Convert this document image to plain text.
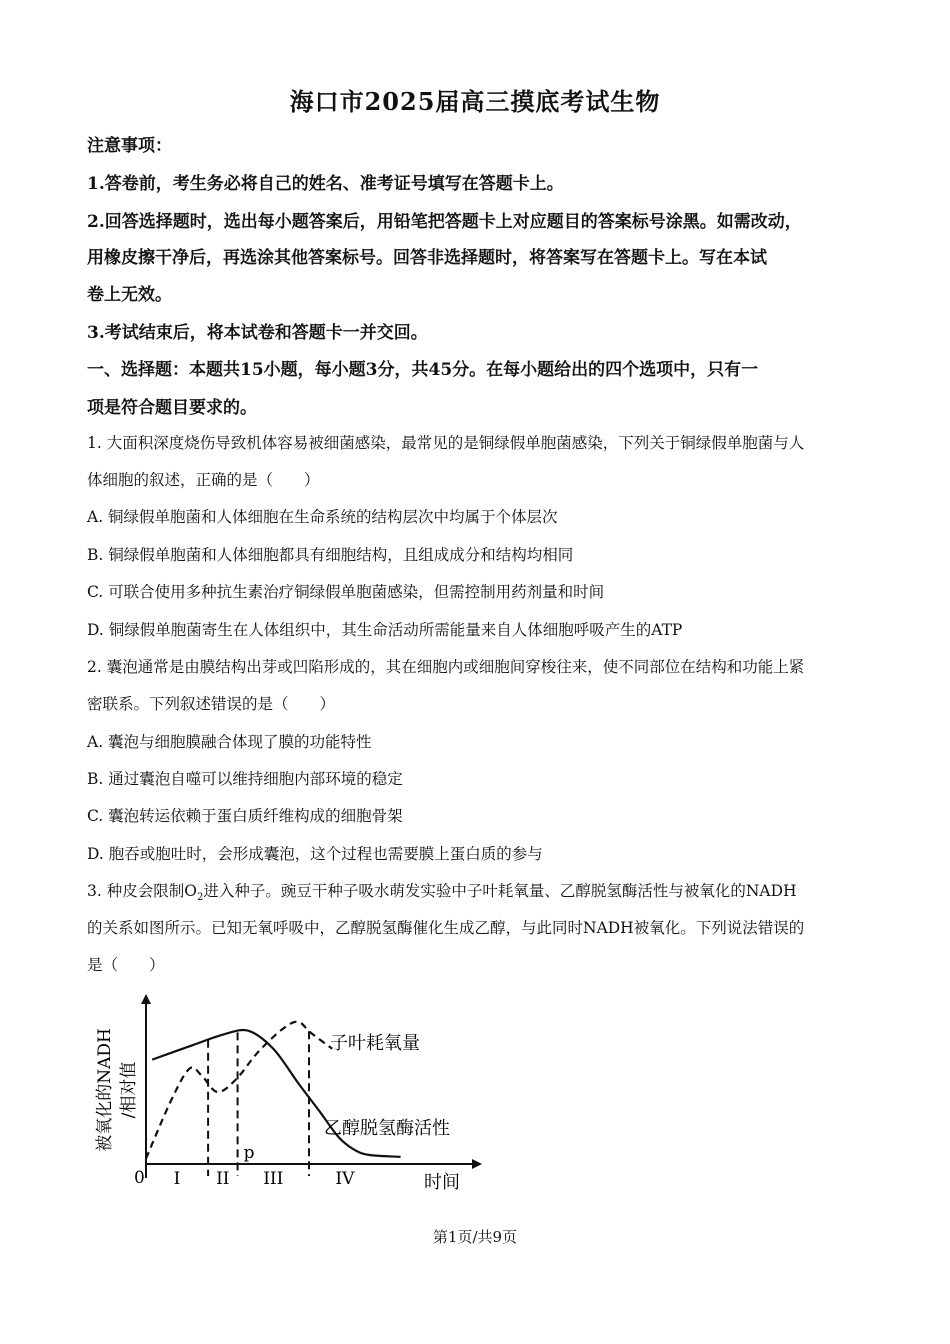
海口市2025届高三摸底考试生物
注意事项：
1.答卷前，考生务必将自己的姓名、准考证号填写在答题卡上。
2.回答选择题时，选出每小题答案后，用铅笔把答题卡上对应题目的答案标号涂黑。如需改动，
用橡皮擦干净后，再选涂其他答案标号。回答非选择题时，将答案写在答题卡上。写在本试
卷上无效。
3.考试结束后，将本试卷和答题卡一并交回。
一、选择题：本题共15小题，每小题3分，共45分。在每小题给出的四个选项中，只有一
项是符合题目要求的。
1. 大面积深度烧伤导致机体容易被细菌感染，最常见的是铜绿假单胞菌感染，下列关于铜绿假单胞菌与人
体细胞的叙述，正确的是（　　）
A. 铜绿假单胞菌和人体细胞在生命系统的结构层次中均属于个体层次
B. 铜绿假单胞菌和人体细胞都具有细胞结构，且组成成分和结构均相同
C. 可联合使用多种抗生素治疗铜绿假单胞菌感染，但需控制用药剂量和时间
D. 铜绿假单胞菌寄生在人体组织中，其生命活动所需能量来自人体细胞呼吸产生的ATP
2. 囊泡通常是由膜结构出芽或凹陷形成的，其在细胞内或细胞间穿梭往来，使不同部位在结构和功能上紧
密联系。下列叙述错误的是（　　）
A. 囊泡与细胞膜融合体现了膜的功能特性
B. 通过囊泡自噬可以维持细胞内部环境的稳定
C. 囊泡转运依赖于蛋白质纤维构成的细胞骨架
D. 胞吞或胞吐时，会形成囊泡，这个过程也需要膜上蛋白质的参与
3. 种皮会限制$O_2$进入种子。豌豆干种子吸水萌发实验中子叶耗氧量、乙醇脱氢酶活性与被氧化的NADH
的关系如图所示。已知无氧呼吸中，乙醇脱氢酶催化生成乙醇，与此同时NADH被氧化。下列说法错误的
是（　　）
被氧化的NADH /相对值
0	时间
p
I II III	IV
子叶耗氧量
乙醇脱氢酶活性
第1页/共9页
